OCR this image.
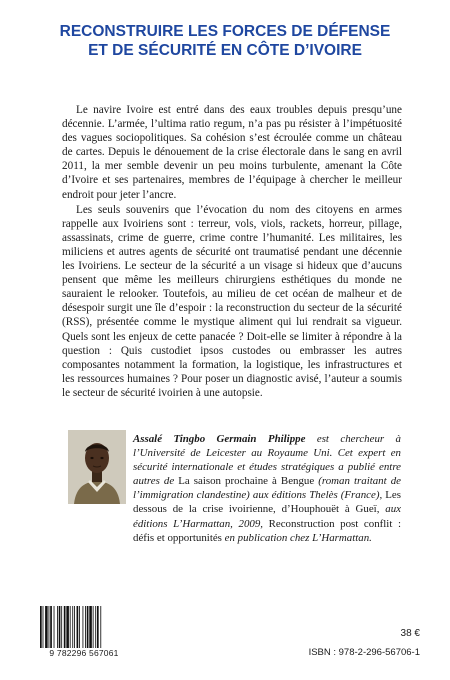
RECONSTRUIRE LES FORCES DE DÉFENSE
ET DE SÉCURITÉ EN CÔTE D’IVOIRE

Le navire Ivoire est entré dans des eaux troubles depuis presqu’une décennie. L’armée, l’ultima ratio regum, n’a pas pu résister à l’impétuosité des vagues sociopolitiques. Sa cohésion s’est écroulée comme un château de cartes. Depuis le dénouement de la crise électorale dans le sang en avril 2011, la mer semble devenir un peu moins turbulente, amenant la Côte d’Ivoire et ses partenaires, membres de l’équipage à chercher le meilleur endroit pour jeter l’ancre.

Les seuls souvenirs que l’évocation du nom des citoyens en armes rappelle aux Ivoiriens sont : terreur, vols, viols, rackets, horreur, pillage, assassinats, crime de guerre, crime contre l’humanité. Les militaires, les miliciens et autres agents de sécurité ont traumatisé pendant une décennie les Ivoiriens. Le secteur de la sécurité a un visage si hideux que d’aucuns pensent que même les meilleurs chirurgiens esthétiques du monde ne sauraient le relooker. Toutefois, au milieu de cet océan de malheur et de désespoir surgit une île d’espoir : la reconstruction du secteur de la sécurité (RSS), présentée comme le mystique aliment qui lui rendrait sa vigueur. Quels sont les enjeux de cette panacée ? Doit-elle se limiter à répondre à la question : Quis custodiet ipsos custodes ou embrasser les autres composantes notamment la formation, la logistique, les infrastructures et les ressources humaines ? Pour poser un diagnostic avisé, l’auteur a soumis le secteur de sécurité ivoirien à une autopsie.

Assalé Tingbo Germain Philippe est chercheur à l’Université de Leicester au Royaume Uni. Cet expert en sécurité internationale et études stratégiques a publié entre autres de La saison prochaine à Bengue (roman traitant de l’immigration clandestine) aux éditions Thelès (France), Les dessous de la crise ivoirienne, d’Houphouët à Gueï, aux éditions L’Harmattan, 2009, Reconstruction post conflit : défis et opportunités en publication chez L’Harmattan.
9 782296 567061
38 €
ISBN : 978-2-296-56706-1
